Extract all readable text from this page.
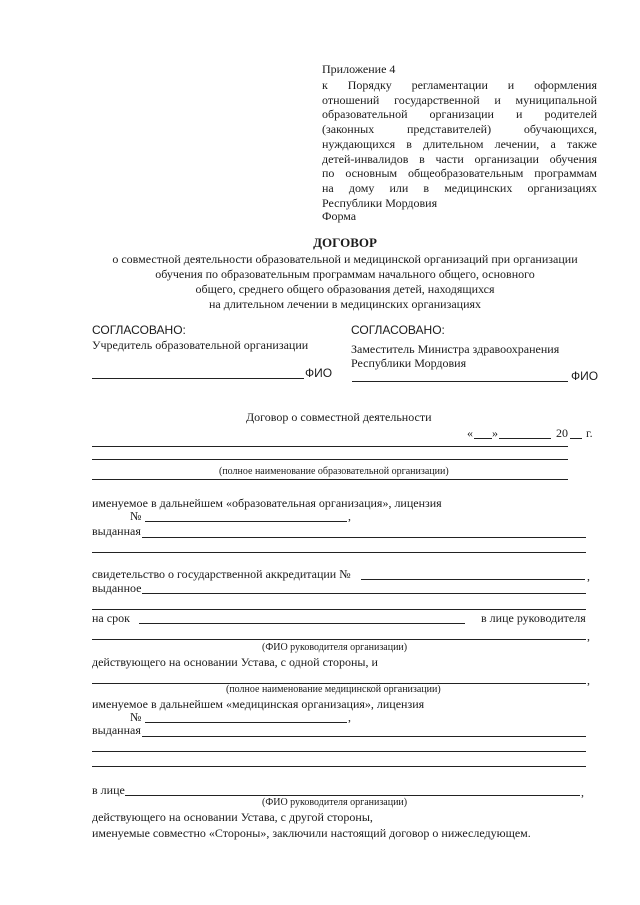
Приложение 4
к Порядку регламентации и оформления
отношений государственной и муниципальной
образовательной организации и родителей
(законных представителей) обучающихся,
нуждающихся в длительном лечении, а также
детей-инвалидов в части организации обучения
по основным общеобразовательным программам
на дому или в медицинских организациях
Республики Мордовия
Форма
ДОГОВОР
о совместной деятельности образовательной и медицинской организаций при организации
обучения по образовательным программам начального общего, основного
общего, среднего общего образования детей, находящихся
на длительном лечении в медицинских организациях
СОГЛАСОВАНО:
Учредитель образовательной организации
ФИО
СОГЛАСОВАНО:
Заместитель Министра здравоохранения
Республики Мордовия
ФИО
Договор о совместной деятельности
« »	20 г.
(полное наименование образовательной организации)
именуемое в дальнейшем «образовательная организация», лицензия
№	,
выданная
свидетельство о государственной аккредитации №	,
выданное
на срок	в лице руководителя
,
(ФИО руководителя организации)
действующего на основании Устава, с одной стороны, и
,
(полное наименование медицинской организации)
именуемое в дальнейшем «медицинская организация», лицензия
№	,
выданная
в лице	,
(ФИО руководителя организации)
действующего на основании Устава, с другой стороны,
именуемые совместно «Стороны», заключили настоящий договор о нижеследующем.
